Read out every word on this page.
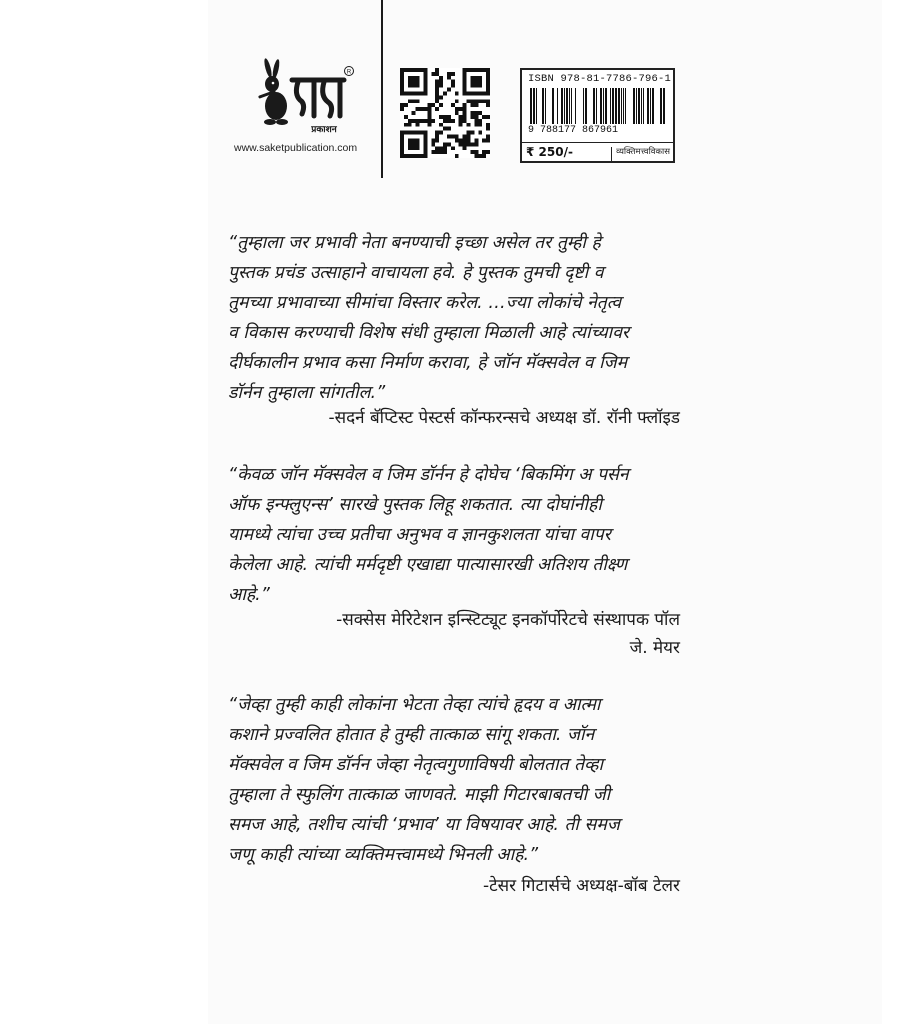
R
प्रकाशन
www.saketpublication.com
ISBN 978-81-7786-796-1
9 788177 867961
₹ 250/-	व्यक्तिमत्त्वविकास

“तुम्हाला जर प्रभावी नेता बनण्याची इच्छा असेल तर तुम्ही हे

पुस्तक प्रचंड उत्साहाने वाचायला हवे. हे पुस्तक तुमची दृष्टी व

तुमच्या प्रभावाच्या सीमांचा विस्तार करेल. …ज्या लोकांचे नेतृत्व

व विकास करण्याची विशेष संधी तुम्हाला मिळाली आहे त्यांच्यावर

दीर्घकालीन प्रभाव कसा निर्माण करावा, हे जॉन मॅक्सवेल व जिम

डॉर्नन तुम्हाला सांगतील.”

-सदर्न बॅप्टिस्ट पेस्टर्स कॉन्फरन्सचे अध्यक्ष डॉ. रॉनी फ्लॉइड

“केवळ जॉन मॅक्सवेल व जिम डॉर्नन हे दोघेच ‘बिकमिंग अ पर्सन

ऑफ इन्फ्लुएन्स’ सारखे पुस्तक लिहू शकतात. त्या दोघांनीही

यामध्ये त्यांचा उच्च प्रतीचा अनुभव व ज्ञानकुशलता यांचा वापर

केलेला आहे. त्यांची मर्मदृष्टी एखाद्या पात्यासारखी अतिशय तीक्ष्ण

आहे.”

-सक्सेस मेरिटेशन इन्स्टिट्यूट इनकॉर्पोरेटचे संस्थापक पॉल
जे. मेयर

“जेव्हा तुम्ही काही लोकांना भेटता तेव्हा त्यांचे हृदय व आत्मा

कशाने प्रज्वलित होतात हे तुम्ही तात्काळ सांगू शकता. जॉन

मॅक्सवेल व जिम डॉर्नन जेव्हा नेतृत्वगुणाविषयी बोलतात तेव्हा

तुम्हाला ते स्फुलिंग तात्काळ जाणवते. माझी गिटारबाबतची जी

समज आहे, तशीच त्यांची ‘प्रभाव’ या विषयावर आहे. ती समज

जणू काही त्यांच्या व्यक्तिमत्त्वामध्ये भिनली आहे.”

-टेसर गिटार्सचे अध्यक्ष-बॉब टेलर
